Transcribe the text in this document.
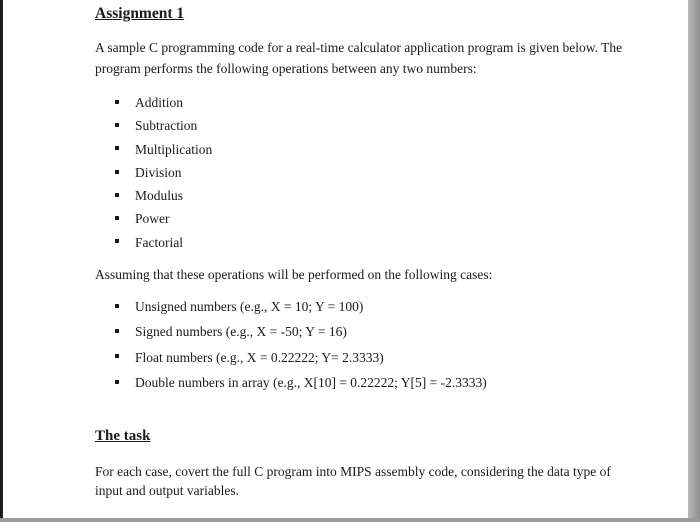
Assignment 1
A sample C programming code for a real-time calculator application program is given below. The program performs the following operations between any two numbers:
Addition
Subtraction
Multiplication
Division
Modulus
Power
Factorial
Assuming that these operations will be performed on the following cases:
Unsigned numbers (e.g., X = 10; Y = 100)
Signed numbers (e.g., X = -50; Y = 16)
Float numbers (e.g., X = 0.22222; Y= 2.3333)
Double numbers in array (e.g., X[10] = 0.22222; Y[5] = -2.3333)
The task
For each case, covert the full C program into MIPS assembly code, considering the data type of input and output variables.
